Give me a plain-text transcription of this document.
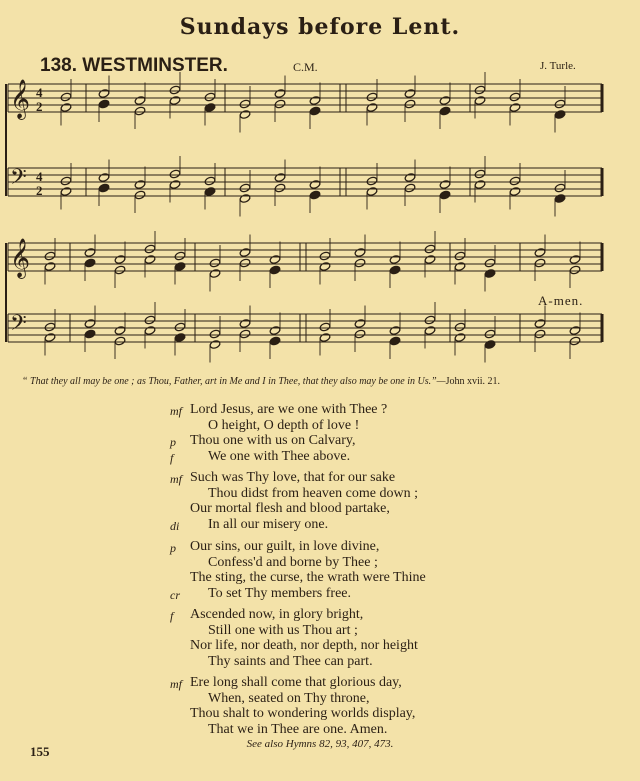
Sundays before Lent.
138. WESTMINSTER.	C.M.	J. Turle.
𝄞
𝄢
𝄞
𝄢
4
2
4
2
A-men.
“ That they all may be one ; as Thou, Father, art in Me and I in Thee, that they also may be one in Us.”—John xvii. 21.
mf Lord Jesus, are we one with Thee ?
O height, O depth of love !
p Thou one with us on Calvary,
f We one with Thee above.
mf Such was Thy love, that for our sake
Thou didst from heaven come down ;
Our mortal flesh and blood partake,
di In all our misery one.
p Our sins, our guilt, in love divine,
Confess'd and borne by Thee ;
The sting, the curse, the wrath were Thine
cr To set Thy members free.
f Ascended now, in glory bright,
Still one with us Thou art ;
Nor life, nor death, nor depth, nor height
Thy saints and Thee can part.
mf Ere long shall come that glorious day,
When, seated on Thy throne,
Thou shalt to wondering worlds display,
That we in Thee are one. Amen.
155	See also Hymns 82, 93, 407, 473.
